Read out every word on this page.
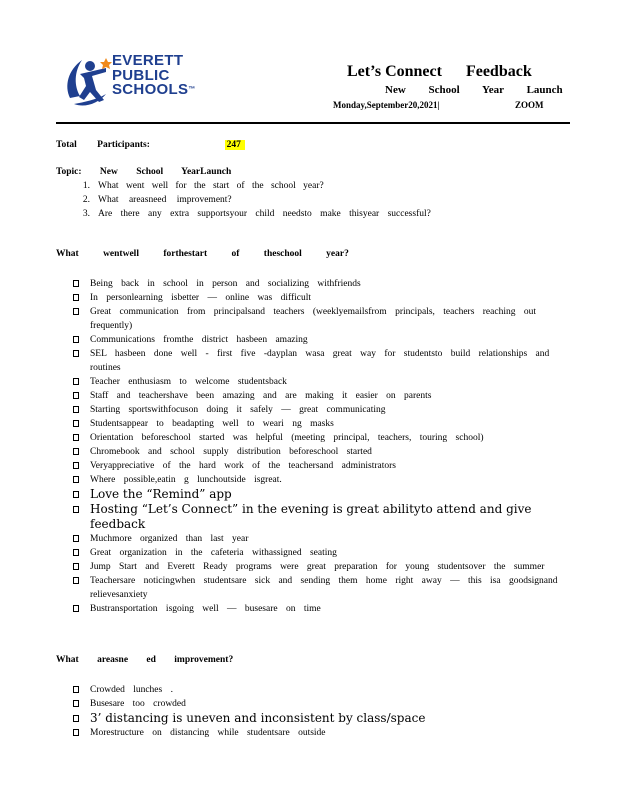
EVERETT
PUBLIC
SCHOOLS™
Let’s Connect Feedback
New School Year Launch
Monday,September20,2021|	ZOOM
Total Participants:	247
Topic: New School YearLaunch
1. What went well for the start of the school year?
2. What areasneed improvement?
3. Are there any extra supportsyour child needsto make thisyear successful?
What wentwell forthestart of theschool year?
Being back in school in person and socializing withfriends
In personlearning isbetter — online was difficult
Great communication from principalsand teachers (weeklyemailsfrom principals, teachers reaching out frequently)
Communications fromthe district hasbeen amazing
SEL hasbeen done well - first five -dayplan wasa great way for studentsto build relationships and routines
Teacher enthusiasm to welcome studentsback
Staff and teachershave been amazing and are making it easier on parents
Starting sportswithfocuson doing it safely — great communicating
Studentsappear to beadapting well to weari ng masks
Orientation beforeschool started was helpful (meeting principal, teachers, touring school)
Chromebook and school supply distribution beforeschool started
Veryappreciative of the hard work of the teachersand administrators
Where possible,eatin g lunchoutside isgreat.
Love the “Remind” app
Hosting “Let’s Connect” in the evening is great abilityto attend and give feedback
Muchmore organized than last year
Great organization in the cafeteria withassigned seating
Jump Start and Everett Ready programs were great preparation for young studentsover the summer
Teachersare noticingwhen studentsare sick and sending them home right away — this isa goodsignand relievesanxiety
Bustransportation isgoing well — busesare on time
What areasne ed improvement?
Crowded lunches .
Busesare too crowded
3’ distancing is uneven and inconsistent by class/space
Morestructure on distancing while studentsare outside
